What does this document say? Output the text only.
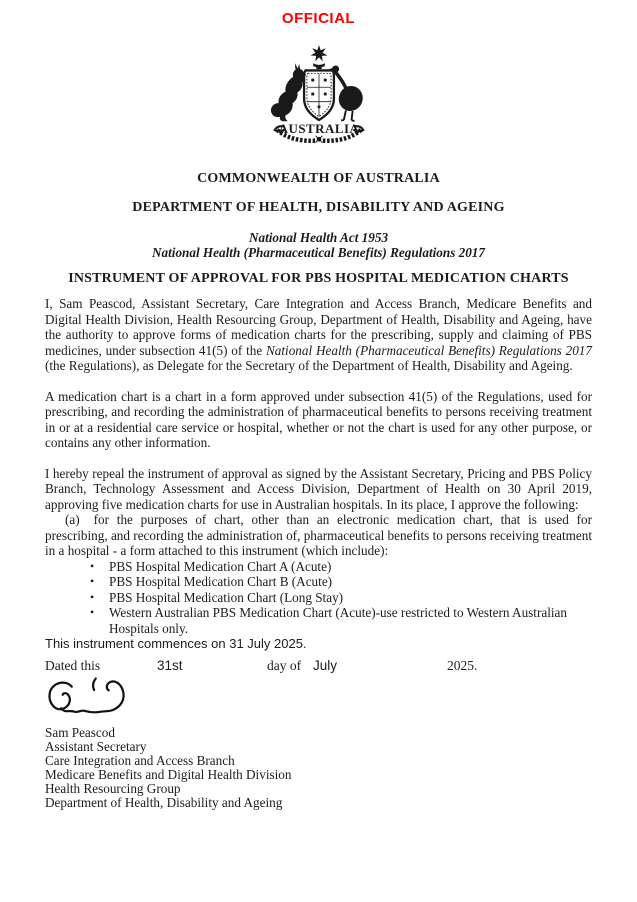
OFFICIAL
AUSTRALIA
COMMONWEALTH OF AUSTRALIA
DEPARTMENT OF HEALTH, DISABILITY AND AGEING
National Health Act 1953
National Health (Pharmaceutical Benefits) Regulations 2017
INSTRUMENT OF APPROVAL FOR PBS HOSPITAL MEDICATION CHARTS

I, Sam Peascod, Assistant Secretary, Care Integration and Access Branch, Medicare Benefits and Digital Health Division, Health Resourcing Group, Department of Health, Disability and Ageing, have the authority to approve forms of medication charts for the prescribing, supply and claiming of PBS medicines, under subsection 41(5) of the National Health (Pharmaceutical Benefits) Regulations 2017 (the Regulations), as Delegate for the Secretary of the Department of Health, Disability and Ageing.

A medication chart is a chart in a form approved under subsection 41(5) of the Regulations, used for prescribing, and recording the administration of pharmaceutical benefits to persons receiving treatment in or at a residential care service or hospital, whether or not the chart is used for any other purpose, or contains any other information.

I hereby repeal the instrument of approval as signed by the Assistant Secretary, Pricing and PBS Policy Branch, Technology Assessment and Access Division, Department of Health on 30 April 2019, approving five medication charts for use in Australian hospitals. In its place, I approve the following:

(a) for the purposes of chart, other than an electronic medication chart, that is used for prescribing, and recording the administration of, pharmaceutical benefits to persons receiving treatment in a hospital - a form attached to this instrument (which include):

• PBS Hospital Medication Chart A (Acute)
• PBS Hospital Medication Chart B (Acute)
• PBS Hospital Medication Chart (Long Stay)
• Western Australian PBS Medication Chart (Acute)-use restricted to Western Australian Hospitals only.

This instrument commences on 31 July 2025.

Dated this	31st	day of July	2025.
Sam Peascod
Assistant Secretary
Care Integration and Access Branch
Medicare Benefits and Digital Health Division
Health Resourcing Group
Department of Health, Disability and Ageing
